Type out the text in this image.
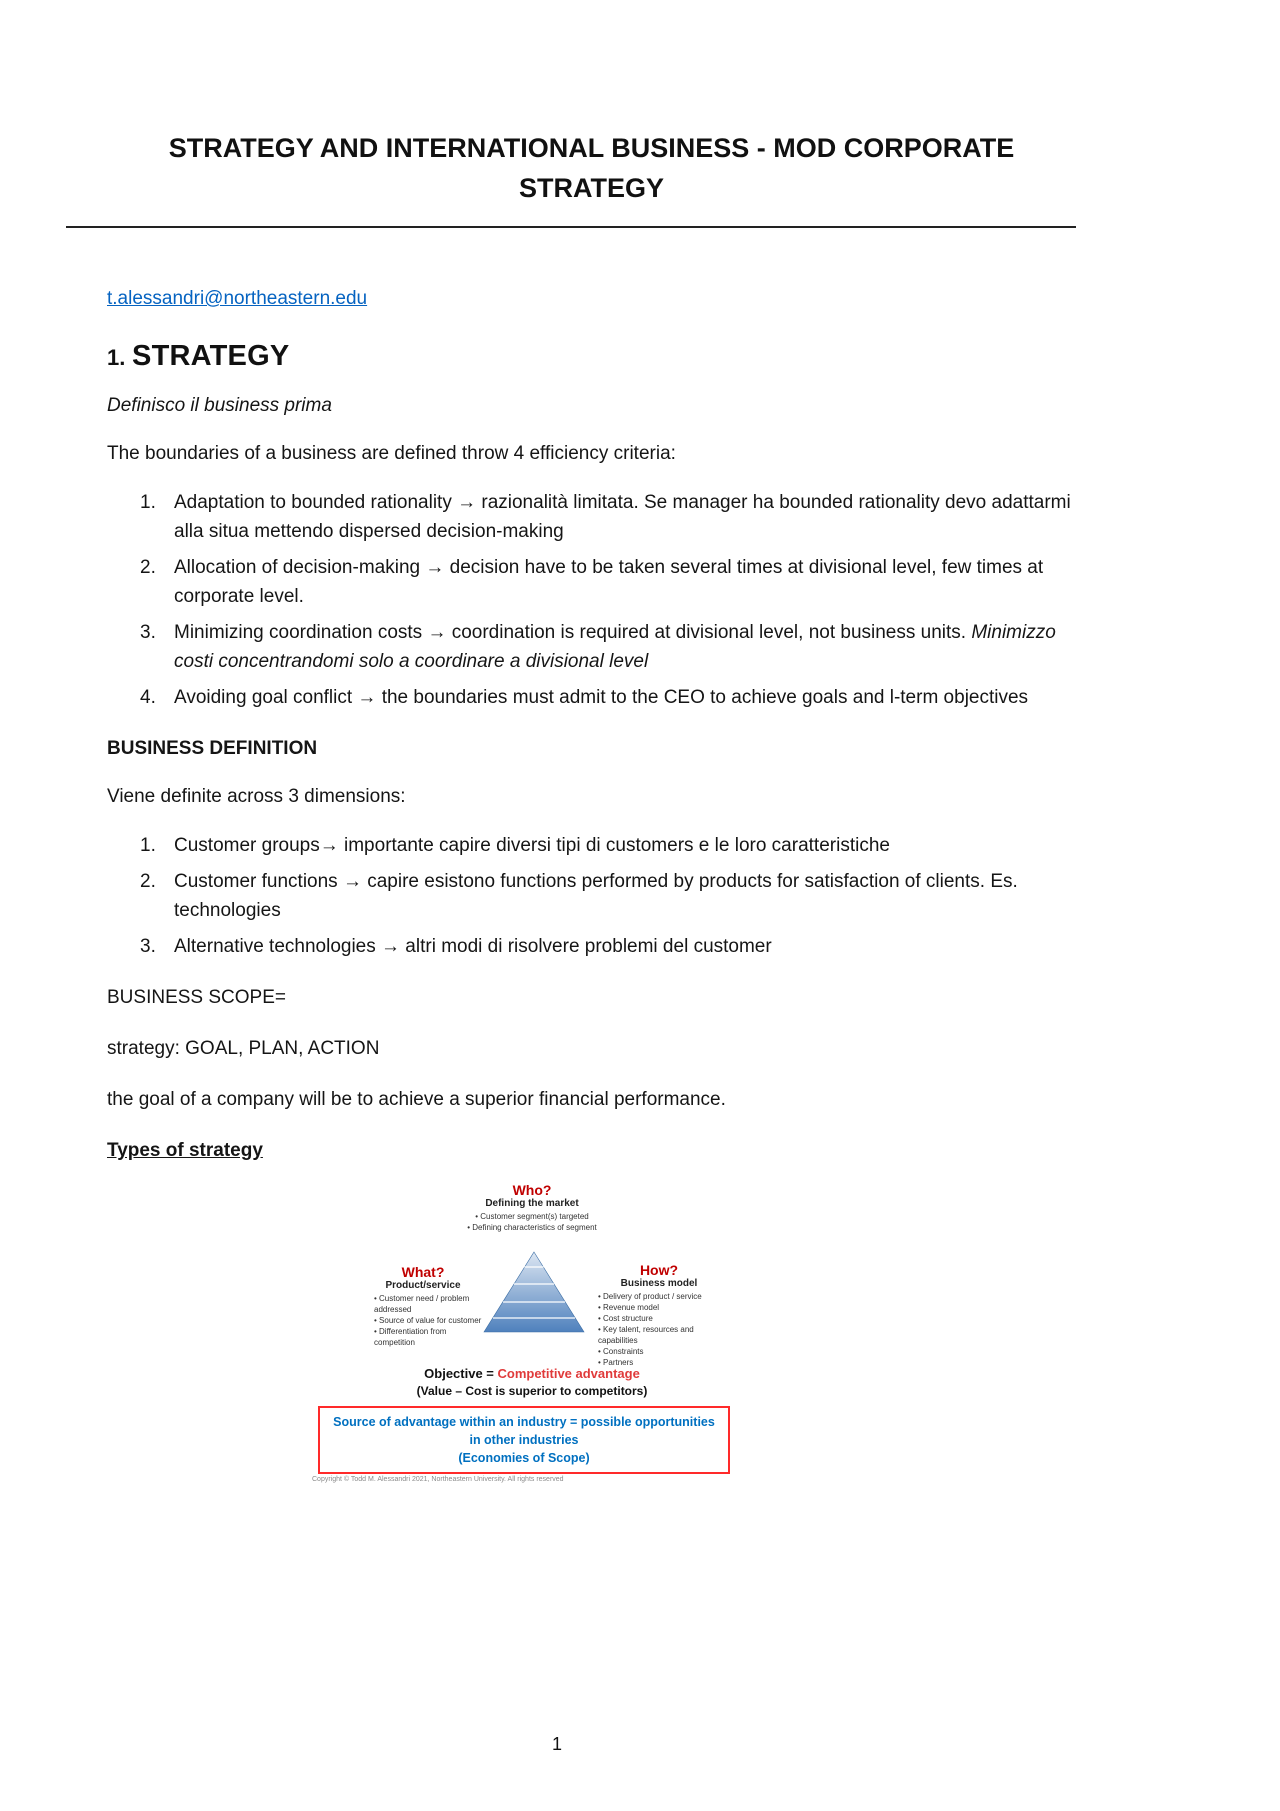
STRATEGY AND INTERNATIONAL BUSINESS - MOD CORPORATE STRATEGY
t.alessandri@northeastern.edu
1. STRATEGY

Definisco il business prima

The boundaries of a business are defined throw 4 efficiency criteria:

1. Adaptation to bounded rationality → razionalità limitata. Se manager ha bounded rationality devo adattarmi alla situa mettendo dispersed decision-making
2. Allocation of decision-making → decision have to be taken several times at divisional level, few times at corporate level.
3. Minimizing coordination costs → coordination is required at divisional level, not business units. Minimizzo costi concentrandomi solo a coordinare a divisional level
4. Avoiding goal conflict → the boundaries must admit to the CEO to achieve goals and l-term objectives
BUSINESS DEFINITION

Viene definite across 3 dimensions:

1. Customer groups→ importante capire diversi tipi di customers e le loro caratteristiche
2. Customer functions → capire esistono functions performed by products for satisfaction of clients. Es. technologies
3. Alternative technologies → altri modi di risolvere problemi del customer

BUSINESS SCOPE=

strategy: GOAL, PLAN, ACTION

the goal of a company will be to achieve a superior financial performance.

Types of strategy
Who?
Defining the market
• Customer segment(s) targeted
• Defining characteristics of segment
What?
Product/service
• Customer need / problem addressed
• Source of value for customer
• Differentiation from competition
How?
Business model
• Delivery of product / service
• Revenue model
• Cost structure
• Key talent, resources and capabilities
• Constraints
• Partners
Objective = Competitive advantage
(Value – Cost is superior to competitors)
Source of advantage within an industry = possible opportunities
in other industries
(Economies of Scope)
Copyright © Todd M. Alessandri 2021, Northeastern University. All rights reserved
1
